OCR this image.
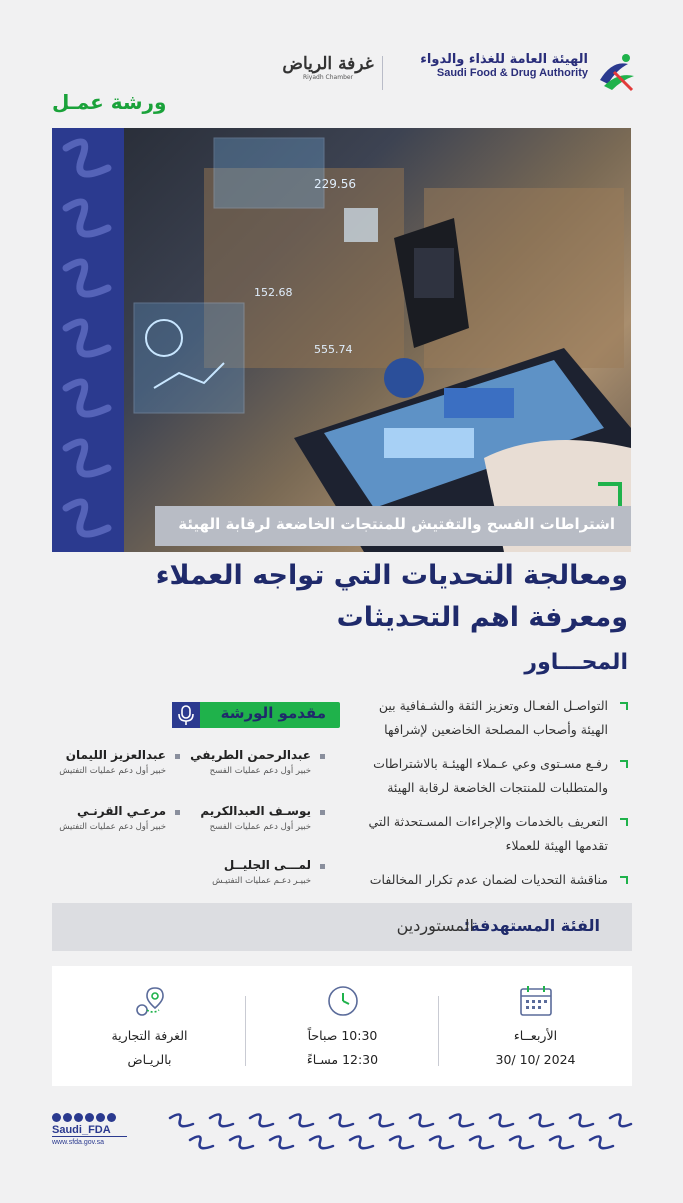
الهيئة العامة للغذاء والدواء
Saudi Food & Drug Authority
غرفة الرياض
Riyadh Chamber
ورشة عمـل
229.56
152.68
555.74
اشتراطات الفسح والتفتيش للمنتجات الخاضعة لرقابة الهيئة
ومعالجة التحديات التي تواجه العملاء
ومعرفة اهم التحديثات
المحـــاور
التواصـل الفعـال وتعزيز الثقة والشـفافية بين الهيئة وأصحاب المصلحة الخاضعين لإشرافها
رفـع مسـتوى وعي عـملاء الهيئـة بالاشتراطات والمتطلبات للمنتجات الخاضعة لرقابة الهيئة
التعريف بالخدمات والإجراءات المسـتحدثة التي تقدمها الهيئة للعملاء
مناقشة التحديات لضمان عدم تكرار المخالفات
مقدمو الورشة
عبدالرحمن الطريفي
خبير أول دعم عمليات الفسح
عبدالعزيز الليمان
خبير أول دعم عمليات التفتيش
يوسـف العبدالكريم
خبير أول دعم عمليات الفسح
مرعـي القرنـي
خبير أول دعم عمليات التفتيش
لمـــى الجليــل
خبيـر دعـم عمليات التفتيـش
الفئة المستهدفة:
المستوردين
الأربعــاء
30/ 10/ 2024
10:30 صباحاً
12:30 مسـاءً
الغرفة التجارية
بالريـاض
Saudi_FDA
www.sfda.gov.sa
